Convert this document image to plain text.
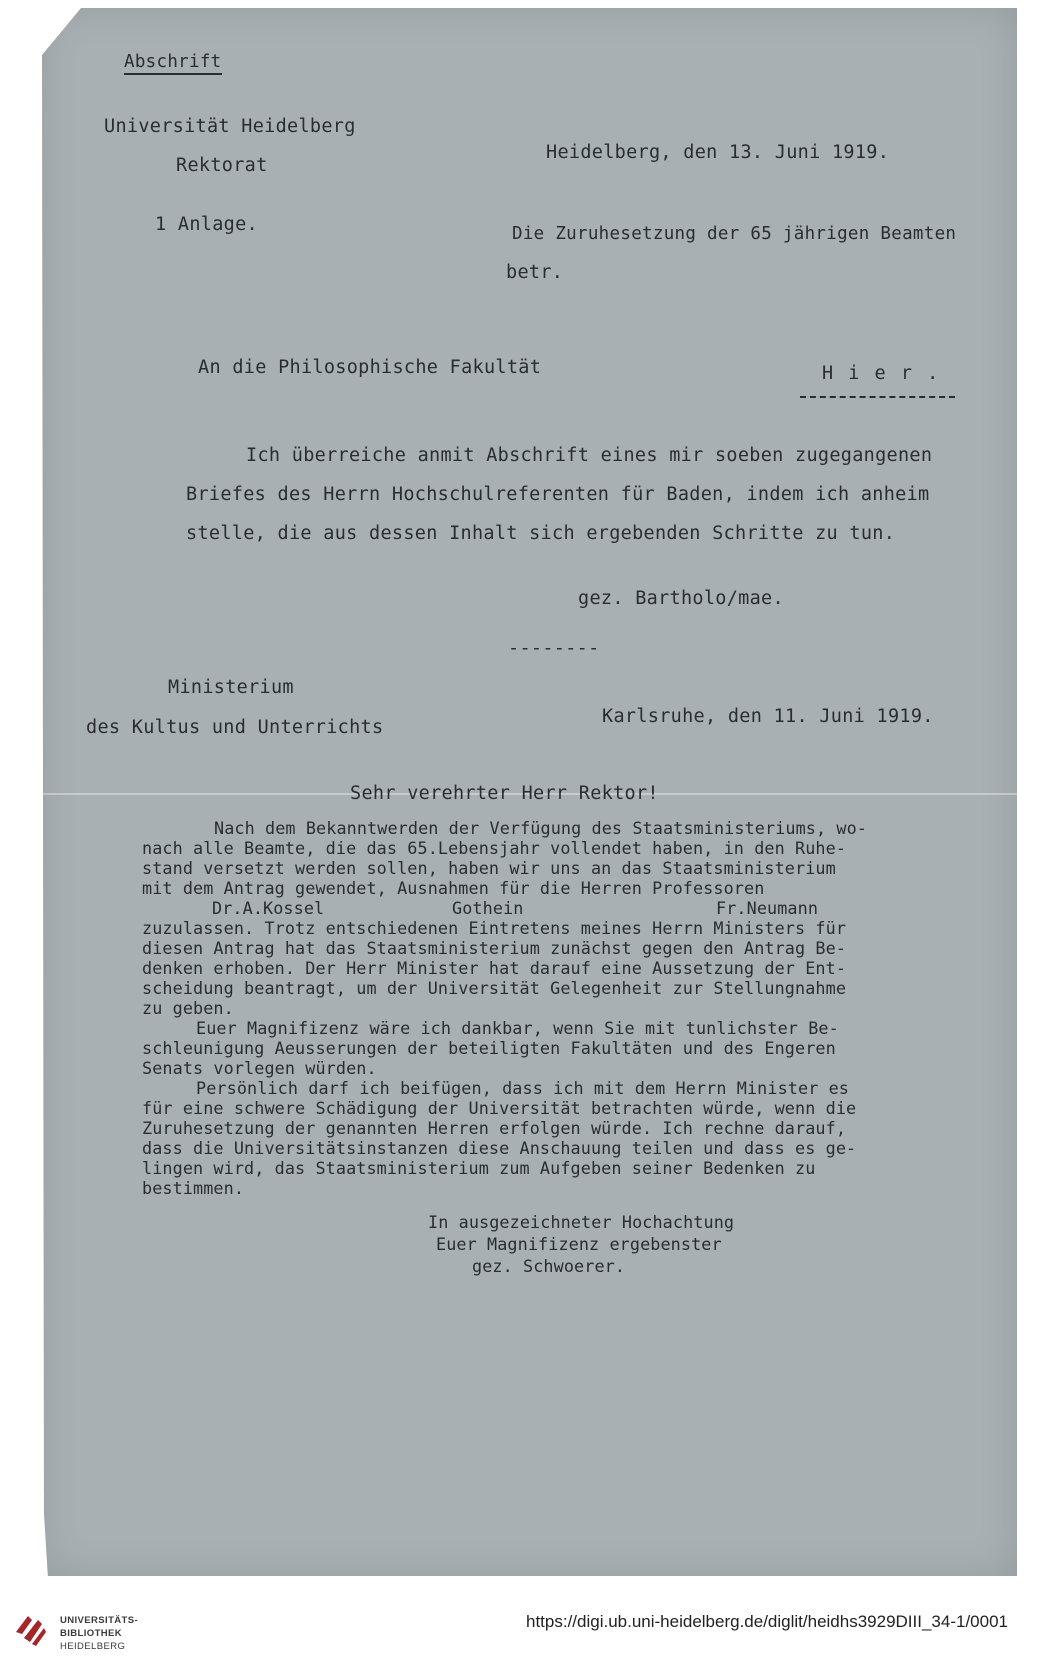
Abschrift
Universität Heidelberg
Rektorat
Heidelberg, den 13. Juni 1919.
1 Anlage.	Die Zuruhesetzung der 65 jährigen Beamten
betr.
An die Philosophische Fakultät	H i e r .
Ich überreiche anmit Abschrift eines mir soeben zugegangenen
Briefes des Herrn Hochschulreferenten für Baden, indem ich anheim
stelle, die aus dessen Inhalt sich ergebenden Schritte zu tun.
gez. Bartholo/mae.
--------
Ministerium
des Kultus und Unterrichts
Karlsruhe, den 11. Juni 1919.
Sehr verehrter Herr Rektor!
Nach dem Bekanntwerden der Verfügung des Staatsministeriums, wo-
nach alle Beamte, die das 65.Lebensjahr vollendet haben, in den Ruhe-
stand versetzt werden sollen, haben wir uns an das Staatsministerium
mit dem Antrag gewendet, Ausnahmen für die Herren Professoren
Dr.A.Kossel	Gothein	Fr.Neumann
zuzulassen. Trotz entschiedenen Eintretens meines Herrn Ministers für
diesen Antrag hat das Staatsministerium zunächst gegen den Antrag Be-
denken erhoben. Der Herr Minister hat darauf eine Aussetzung der Ent-
scheidung beantragt, um der Universität Gelegenheit zur Stellungnahme
zu geben.
Euer Magnifizenz wäre ich dankbar, wenn Sie mit tunlichster Be-
schleunigung Aeusserungen der beteiligten Fakultäten und des Engeren
Senats vorlegen würden.
Persönlich darf ich beifügen, dass ich mit dem Herrn Minister es
für eine schwere Schädigung der Universität betrachten würde, wenn die
Zuruhesetzung der genannten Herren erfolgen würde. Ich rechne darauf,
dass die Universitätsinstanzen diese Anschauung teilen und dass es ge-
lingen wird, das Staatsministerium zum Aufgeben seiner Bedenken zu
bestimmen.
In ausgezeichneter Hochachtung
Euer Magnifizenz ergebenster
gez. Schwoerer.
UNIVERSITÄTS-
BIBLIOTHEK
HEIDELBERG
https://digi.ub.uni-heidelberg.de/diglit/heidhs3929DIII_34-1/0001
